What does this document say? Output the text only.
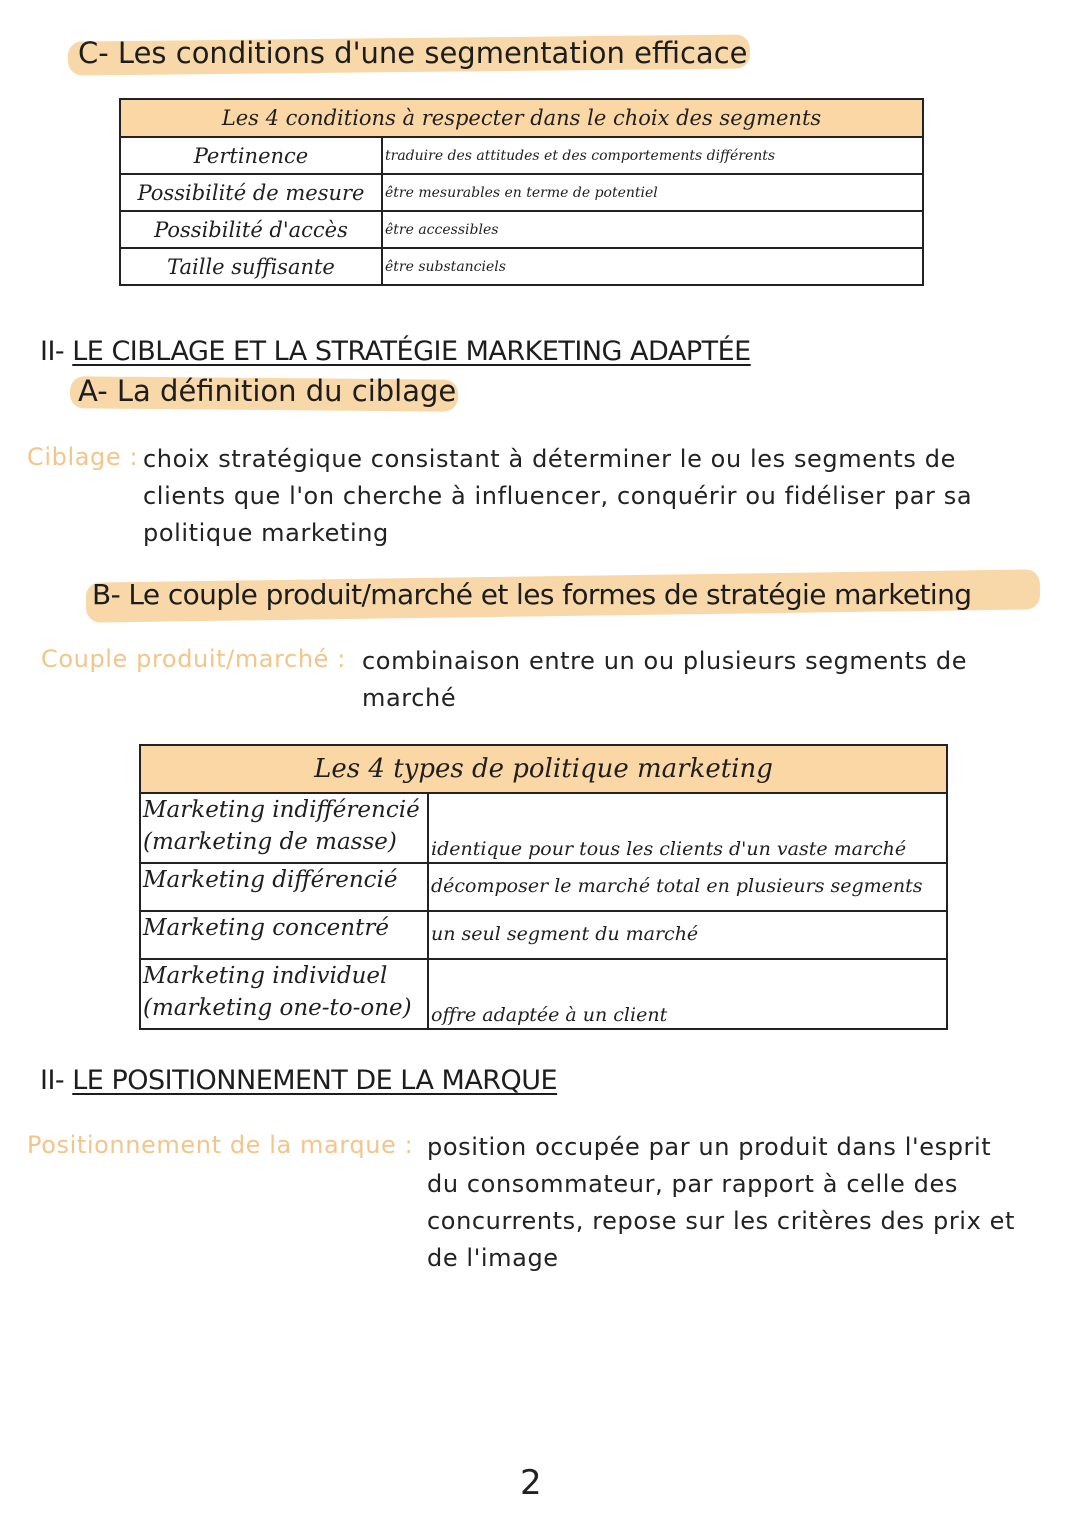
C- Les conditions d'une segmentation efficace
Les 4 conditions à respecter dans le choix des segments	
Pertinence	traduire des attitudes et des comportements différents
Possibilité de mesure	être mesurables en terme de potentiel
Possibilité d'accès	être accessibles
Taille suffisante	être substanciels
II- LE CIBLAGE ET LA STRATÉGIE MARKETING ADAPTÉE
A- La définition du ciblage
Ciblage : choix stratégique consistant à déterminer le ou les segments de
clients que l'on cherche à influencer, conquérir ou fidéliser par sa
politique marketing
B- Le couple produit/marché et les formes de stratégie marketing
Couple produit/marché : combinaison entre un ou plusieurs segments de
marché
Les 4 types de politique marketing	

Marketing indifférencié
(marketing de masse)	identique pour tous les clients d'un vaste marché

Marketing différencié	décomposer le marché total en plusieurs segments

Marketing concentré	un seul segment du marché

Marketing individuel
(marketing one-to-one)	offre adaptée à un client
II- LE POSITIONNEMENT DE LA MARQUE
Positionnement de la marque : position occupée par un produit dans l'esprit
du consommateur, par rapport à celle des
concurrents, repose sur les critères des prix et
de l'image
2
